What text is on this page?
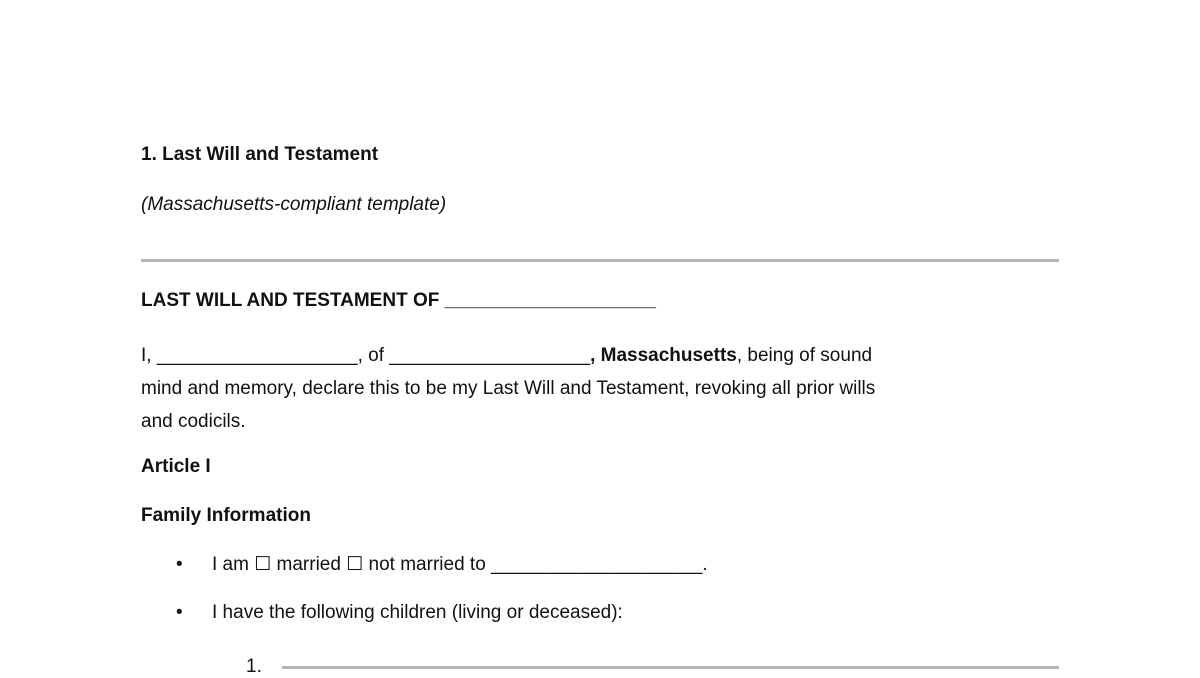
1. Last Will and Testament
(Massachusetts-compliant template)
LAST WILL AND TESTAMENT OF ____________________
I, ___________________, of ___________________, Massachusetts, being of sound
mind and memory, declare this to be my Last Will and Testament, revoking all prior wills
and codicils.
Article I
Family Information
• I am ☐ married ☐ not married to ____________________.
• I have the following children (living or deceased):
1.
